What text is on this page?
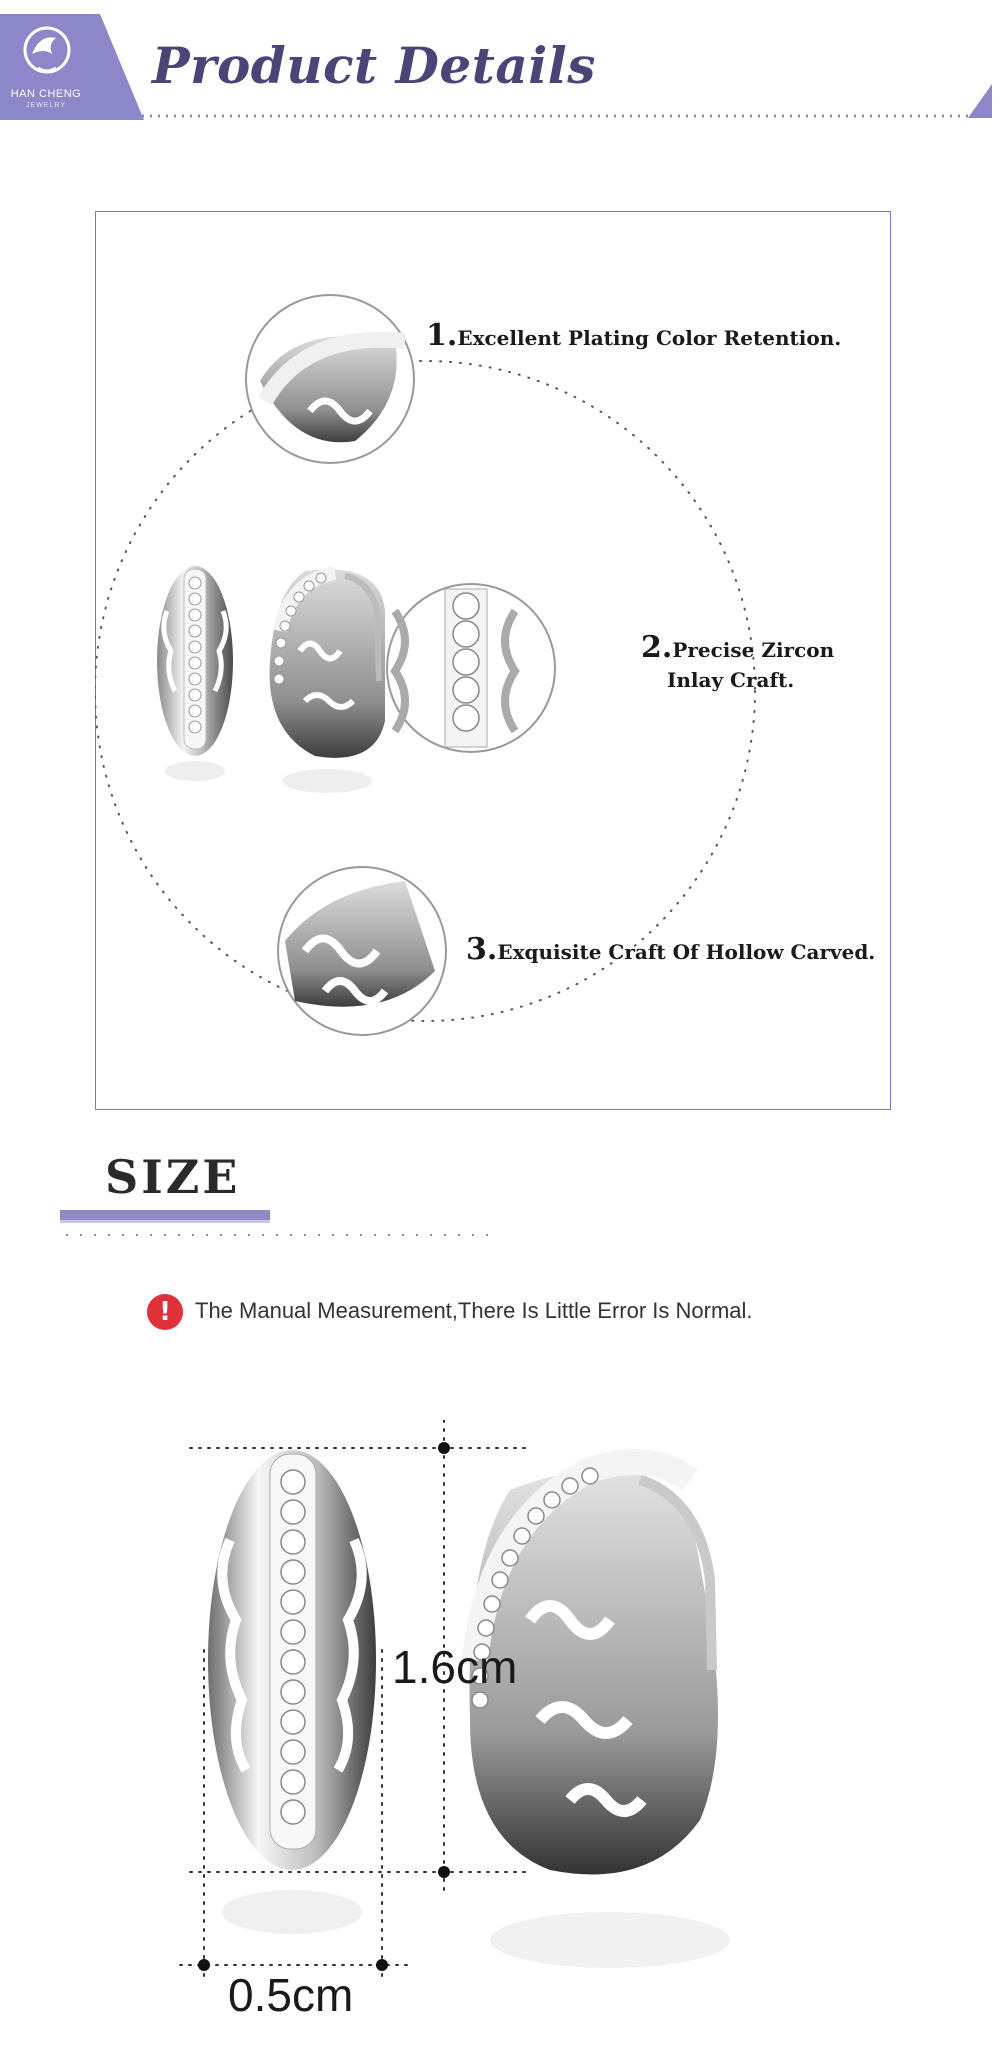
HAN CHENG
JEWELRY
Product Details
1.Excellent Plating Color Retention.
2.Precise Zircon
Inlay Craft.
3.Exquisite Craft Of Hollow Carved.
SIZE
!	The Manual Measurement,There Is Little Error Is Normal.
1.6cm
0.5cm
